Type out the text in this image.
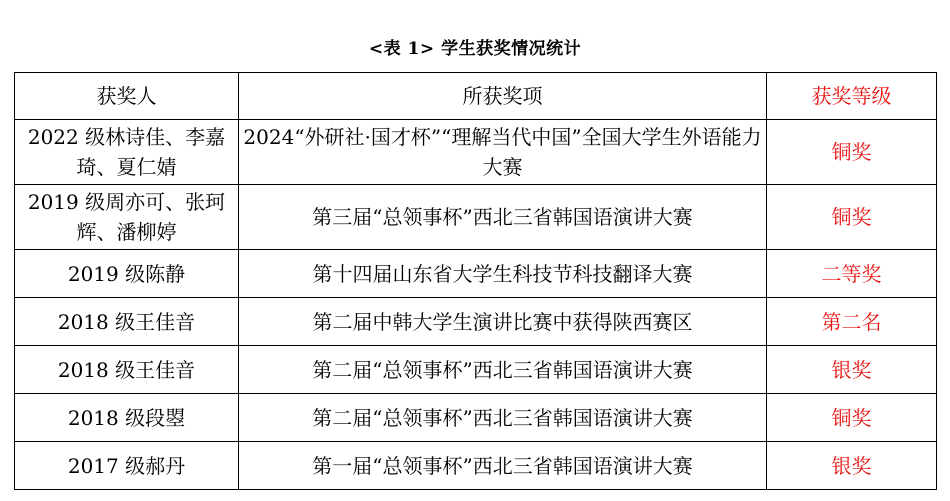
<表 1> 学生获奖情况统计
获奖人	所获奖项	获奖等级
2022 级林诗佳、李嘉琦、夏仁婧	2024“外研社·国才杯”“理解当代中国”全国大学生外语能力大赛	铜奖
2019 级周亦可、张珂辉、潘柳婷	第三届“总领事杯”西北三省韩国语演讲大赛	铜奖
2019 级陈静	第十四届山东省大学生科技节科技翻译大赛	二等奖
2018 级王佳音	第二届中韩大学生演讲比赛中获得陕西赛区	第二名
2018 级王佳音	第二届“总领事杯”西北三省韩国语演讲大赛	银奖
2018 级段曌	第二届“总领事杯”西北三省韩国语演讲大赛	铜奖
2017 级郝丹	第一届“总领事杯”西北三省韩国语演讲大赛	银奖
